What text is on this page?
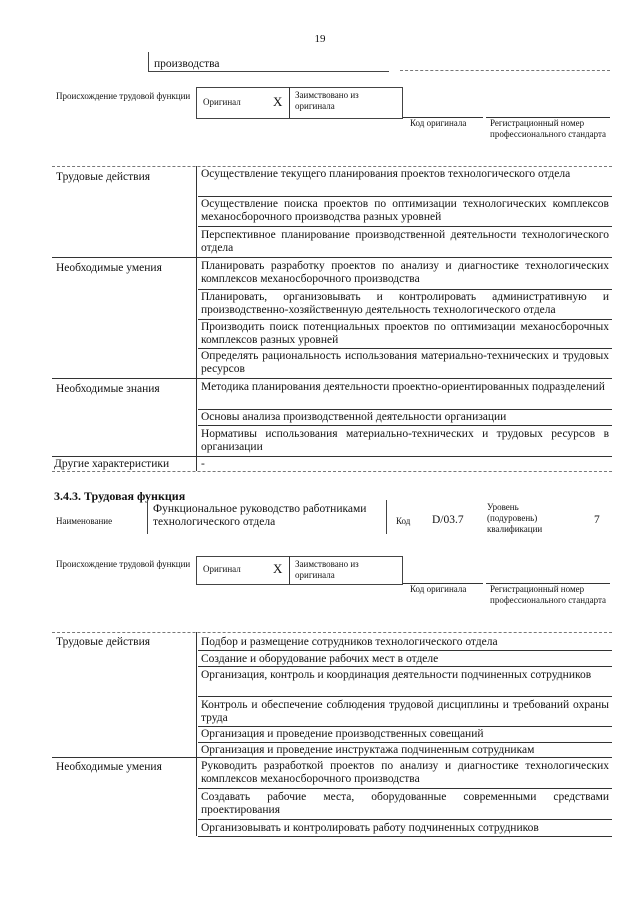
19
производства
Происхождение трудовой функции
Оригинал X Заимствовано из оригинала
Код оригинала	Регистрационный номер профессионального стандарта
Трудовые действия	Осуществление текущего планирования проектов технологического отдела
Осуществление поиска проектов по оптимизации технологических комплексов механосборочного производства разных уровней
Перспективное планирование производственной деятельности технологического отдела
Необходимые умения	Планировать разработку проектов по анализу и диагностике технологических комплексов механосборочного производства
Планировать, организовывать и контролировать административную и производственно-хозяйственную деятельность технологического отдела
Производить поиск потенциальных проектов по оптимизации механосборочных комплексов разных уровней
Определять рациональность использования материально-технических и трудовых ресурсов
Необходимые знания	Методика планирования деятельности проектно-ориентированных подразделений
Основы анализа производственной деятельности организации
Нормативы использования материально-технических и трудовых ресурсов в организации
Другие характеристики	-
3.4.3. Трудовая функция
Наименование
Функциональное руководство работниками технологического отдела	Код D/03.7
Уровень (подуровень) квалификации
7
Происхождение трудовой функции Оригинал X Заимствовано из оригинала
Код оригинала	Регистрационный номер профессионального стандарта
Трудовые действия	Подбор и размещение сотрудников технологического отдела
Создание и оборудование рабочих мест в отделе
Организация, контроль и координация деятельности подчиненных сотрудников
Контроль и обеспечение соблюдения трудовой дисциплины и требований охраны труда
Организация и проведение производственных совещаний
Организация и проведение инструктажа подчиненным сотрудникам
Необходимые умения	Руководить разработкой проектов по анализу и диагностике технологических комплексов механосборочного производства
Создавать рабочие места, оборудованные современными средствами проектирования
Организовывать и контролировать работу подчиненных сотрудников
